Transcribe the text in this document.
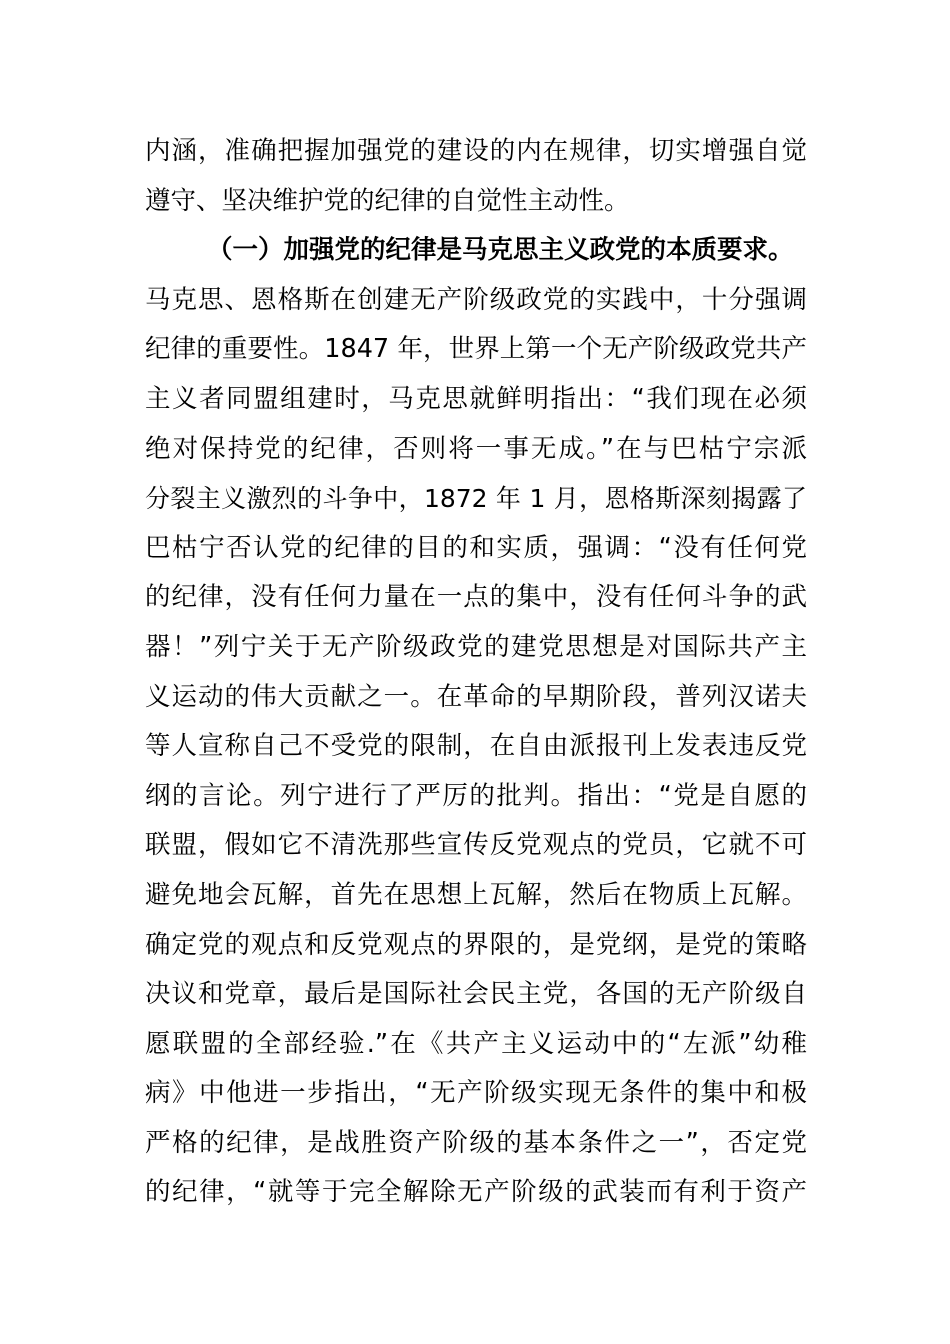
内涵，准确把握加强党的建设的内在规律，切实增强自觉
遵守、坚决维护党的纪律的自觉性主动性。
（一）加强党的纪律是马克思主义政党的本质要求。
马克思、恩格斯在创建无产阶级政党的实践中，十分强调
纪律的重要性。1847 年，世界上第一个无产阶级政党共产
主义者同盟组建时，马克思就鲜明指出：“我们现在必须
绝对保持党的纪律，否则将一事无成。”在与巴枯宁宗派
分裂主义激烈的斗争中，1872 年 1 月，恩格斯深刻揭露了
巴枯宁否认党的纪律的目的和实质，强调：“没有任何党
的纪律，没有任何力量在一点的集中，没有任何斗争的武
器！”列宁关于无产阶级政党的建党思想是对国际共产主
义运动的伟大贡献之一。在革命的早期阶段，普列汉诺夫
等人宣称自己不受党的限制，在自由派报刊上发表违反党
纲的言论。列宁进行了严厉的批判。指出：“党是自愿的
联盟，假如它不清洗那些宣传反党观点的党员，它就不可
避免地会瓦解，首先在思想上瓦解，然后在物质上瓦解。
确定党的观点和反党观点的界限的，是党纲，是党的策略
决议和党章，最后是国际社会民主党，各国的无产阶级自
愿联盟的全部经验.”在《共产主义运动中的“左派”幼稚
病》中他进一步指出，“无产阶级实现无条件的集中和极
严格的纪律，是战胜资产阶级的基本条件之一”，否定党
的纪律，“就等于完全解除无产阶级的武装而有利于资产
